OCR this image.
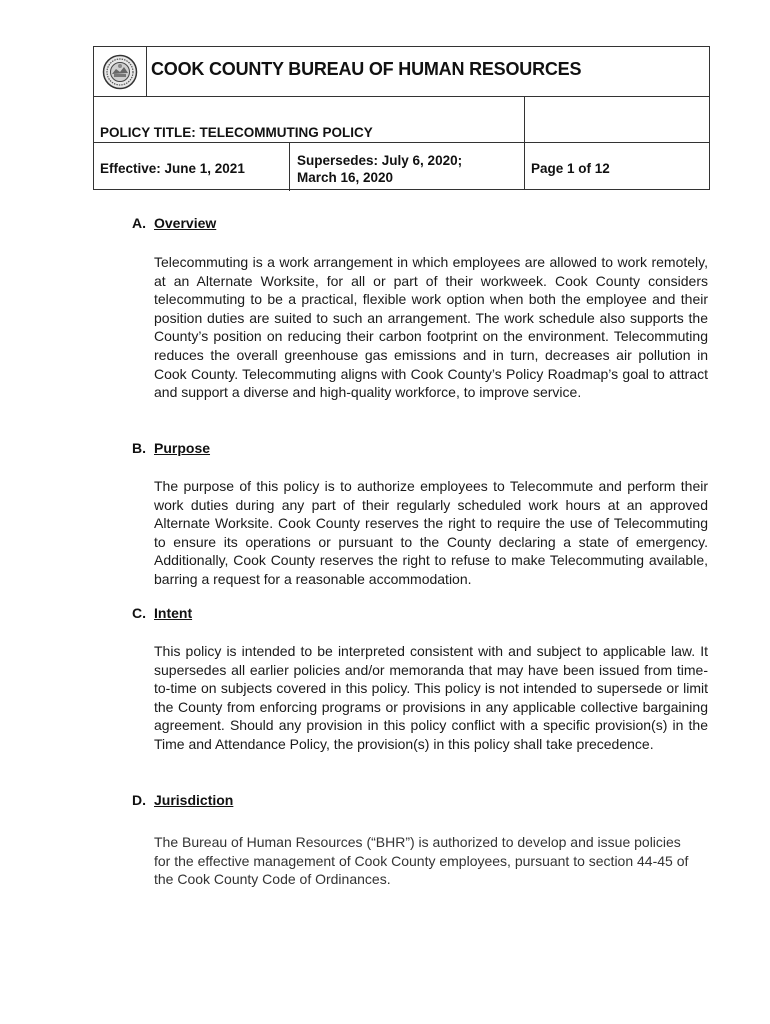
COOK COUNTY BUREAU OF HUMAN RESOURCES
POLICY TITLE: TELECOMMUTING POLICY
Effective: June 1, 2021
Supersedes: July 6, 2020;
March 16, 2020
Page 1 of 12
A. Overview
Telecommuting is a work arrangement in which employees are allowed to work remotely, at an Alternate Worksite, for all or part of their workweek. Cook County considers telecommuting to be a practical, flexible work option when both the employee and their position duties are suited to such an arrangement. The work schedule also supports the County’s position on reducing their carbon footprint on the environment. Telecommuting reduces the overall greenhouse gas emissions and in turn, decreases air pollution in Cook County. Telecommuting aligns with Cook County’s Policy Roadmap’s goal to attract and support a diverse and high-quality workforce, to improve service.
B. Purpose
The purpose of this policy is to authorize employees to Telecommute and perform their work duties during any part of their regularly scheduled work hours at an approved Alternate Worksite. Cook County reserves the right to require the use of Telecommuting to ensure its operations or pursuant to the County declaring a state of emergency. Additionally, Cook County reserves the right to refuse to make Telecommuting available, barring a request for a reasonable accommodation.
C. Intent
This policy is intended to be interpreted consistent with and subject to applicable law. It supersedes all earlier policies and/or memoranda that may have been issued from time-to-time on subjects covered in this policy. This policy is not intended to supersede or limit the County from enforcing programs or provisions in any applicable collective bargaining agreement. Should any provision in this policy conflict with a specific provision(s) in the Time and Attendance Policy, the provision(s) in this policy shall take precedence.
D. Jurisdiction
The Bureau of Human Resources (“BHR”) is authorized to develop and issue policies for the effective management of Cook County employees, pursuant to section 44-45 of the Cook County Code of Ordinances.
